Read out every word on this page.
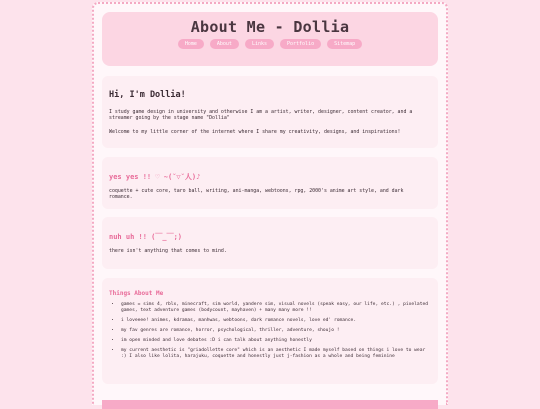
About Me - Dollia
Home	About	Links	Portfolio	Sitemap
Hi, I'm Dollia!

I study game design in university and otherwise I am a artist, writer, designer, content creator, and a streamer going by the stage name "Dollia"

Welcome to my little corner of the internet where I share my creativity, designs, and inspirations!

yes yes !! ♡ ~(˘▽˘人)♪

coquette + cute core, taro ball, writing, ani-manga, webtoons, rpg, 2000's anime art style, and dark romance.

nuh uh !! (￣_￣;)

there isn't anything that comes to mind.

Things About Me
• games = sims 4, rblx, minecraft, sim world, yandere sim, visual novels (speak easy, our life, etc.) , pixelated games, text adventure games (bodycount, mayhaven) + many many more !!
• i loveeee! animes, kdramas, manhwas, webtoons, dark romance novels, love ed' romance.
• my fav genres are romance, horror, psychological, thriller, adventure, shoujo !
• im open minded and love debates :D i can talk about anything honestly
• my current aesthetic is "griadollette core" which is an aesthetic I made myself based on things i love to wear :) I also like lolita, harajuku, coquette and honestly just j-fashion as a whole and being feminine
